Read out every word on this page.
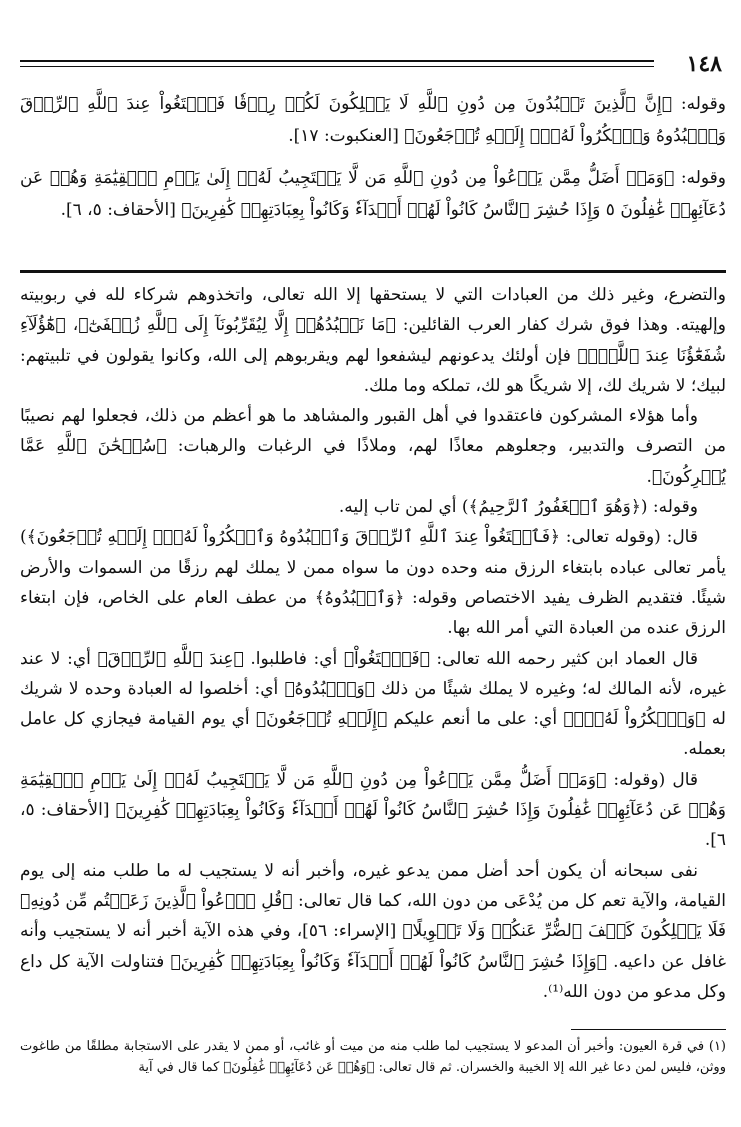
١٤٨

وقوله: ﴿إِنَّ ٱلَّذِينَ تَعۡبُدُونَ مِن دُونِ ٱللَّهِ لَا يَمۡلِكُونَ لَكُمۡ رِزۡقٗا فَٱبۡتَغُواْ عِندَ ٱللَّهِ ٱلرِّزۡقَ وَٱعۡبُدُوهُ وَٱشۡكُرُواْ لَهُۥٓۖ إِلَيۡهِ تُرۡجَعُونَ﴾ [العنكبوت: ١٧].

وقوله: ﴿وَمَنۡ أَضَلُّ مِمَّن يَدۡعُواْ مِن دُونِ ٱللَّهِ مَن لَّا يَسۡتَجِيبُ لَهُۥٓ إِلَىٰ يَوۡمِ ٱلۡقِيَٰمَةِ وَهُمۡ عَن دُعَآئِهِمۡ غَٰفِلُونَ ٥ وَإِذَا حُشِرَ ٱلنَّاسُ كَانُواْ لَهُمۡ أَعۡدَآءٗ وَكَانُواْ بِعِبَادَتِهِمۡ كَٰفِرِينَ﴾ [الأحقاف: ٥، ٦].

والتضرع، وغير ذلك من العبادات التي لا يستحقها إلا الله تعالى، واتخذوهم شركاء لله في ربوبيته وإلهيته. وهذا فوق شرك كفار العرب القائلين: ﴿مَا نَعۡبُدُهُمۡ إِلَّا لِيُقَرِّبُونَآ إِلَى ٱللَّهِ زُلۡفَىٰٓ﴾، ﴿هَٰٓؤُلَآءِ شُفَعَٰٓؤُنَا عِندَ ٱللَّهِۚ﴾ فإن أولئك يدعونهم ليشفعوا لهم ويقربوهم إلى الله، وكانوا يقولون في تلبيتهم: لبيك؛ لا شريك لك، إلا شريكًا هو لك، تملكه وما ملك.

وأما هؤلاء المشركون فاعتقدوا في أهل القبور والمشاهد ما هو أعظم من ذلك، فجعلوا لهم نصيبًا من التصرف والتدبير، وجعلوهم معاذًا لهم، وملاذًا في الرغبات والرهبات: ﴿سُبۡحَٰنَ ٱللَّهِ عَمَّا يُشۡرِكُونَ﴾.

وقوله: (﴿وَهُوَ ٱلۡغَفُورُ ٱلرَّحِيمُ﴾) أي لمن تاب إليه.

قال: (وقوله تعالى: ﴿فَٱبۡتَغُواْ عِندَ ٱللَّهِ ٱلرِّزۡقَ وَٱعۡبُدُوهُ وَٱشۡكُرُواْ لَهُۥٓۖ إِلَيۡهِ تُرۡجَعُونَ﴾) يأمر تعالى عباده بابتغاء الرزق منه وحده دون ما سواه ممن لا يملك لهم رزقًا من السموات والأرض شيئًا. فتقديم الظرف يفيد الاختصاص وقوله: ﴿وَٱعۡبُدُوهُ﴾ من عطف العام على الخاص، فإن ابتغاء الرزق عنده من العبادة التي أمر الله بها.

قال العماد ابن كثير رحمه الله تعالى: ﴿فَٱبۡتَغُواْ﴾ أي: فاطلبوا. ﴿عِندَ ٱللَّهِ ٱلرِّزۡقَ﴾ أي: لا عند غيره، لأنه المالك له؛ وغيره لا يملك شيئًا من ذلك ﴿وَٱعۡبُدُوهُ﴾ أي: أخلصوا له العبادة وحده لا شريك له ﴿وَٱشۡكُرُواْ لَهُۥٓۖ﴾ أي: على ما أنعم عليكم ﴿إِلَيۡهِ تُرۡجَعُونَ﴾ أي يوم القيامة فيجازي كل عامل بعمله.

قال (وقوله: ﴿وَمَنۡ أَضَلُّ مِمَّن يَدۡعُواْ مِن دُونِ ٱللَّهِ مَن لَّا يَسۡتَجِيبُ لَهُۥٓ إِلَىٰ يَوۡمِ ٱلۡقِيَٰمَةِ وَهُمۡ عَن دُعَآئِهِمۡ غَٰفِلُونَ وَإِذَا حُشِرَ ٱلنَّاسُ كَانُواْ لَهُمۡ أَعۡدَآءٗ وَكَانُواْ بِعِبَادَتِهِمۡ كَٰفِرِينَ﴾ [الأحقاف: ٥، ٦].

نفى سبحانه أن يكون أحد أضل ممن يدعو غيره، وأخبر أنه لا يستجيب له ما طلب منه إلى يوم القيامة، والآية تعم كل من يُدْعَى من دون الله، كما قال تعالى: ﴿قُلِ ٱدۡعُواْ ٱلَّذِينَ زَعَمۡتُم مِّن دُونِهِۦ فَلَا يَمۡلِكُونَ كَشۡفَ ٱلضُّرِّ عَنكُمۡ وَلَا تَحۡوِيلًا﴾ [الإسراء: ٥٦]، وفي هذه الآية أخبر أنه لا يستجيب وأنه غافل عن داعيه. ﴿وَإِذَا حُشِرَ ٱلنَّاسُ كَانُواْ لَهُمۡ أَعۡدَآءٗ وَكَانُواْ بِعِبَادَتِهِمۡ كَٰفِرِينَ﴾ فتناولت الآية كل داع وكل مدعو من دون الله⁽¹⁾.

(١) في قرة العيون: وأخبر أن المدعو لا يستجيب لما طلب منه من ميت أو غائب، أو ممن لا يقدر على الاستجابة مطلقًا من طاغوت ووثن، فليس لمن دعا غير الله إلا الخيبة والخسران. ثم قال تعالى: ﴿وَهُمۡ عَن دُعَآئِهِمۡ غَٰفِلُونَ﴾ كما قال في آية
